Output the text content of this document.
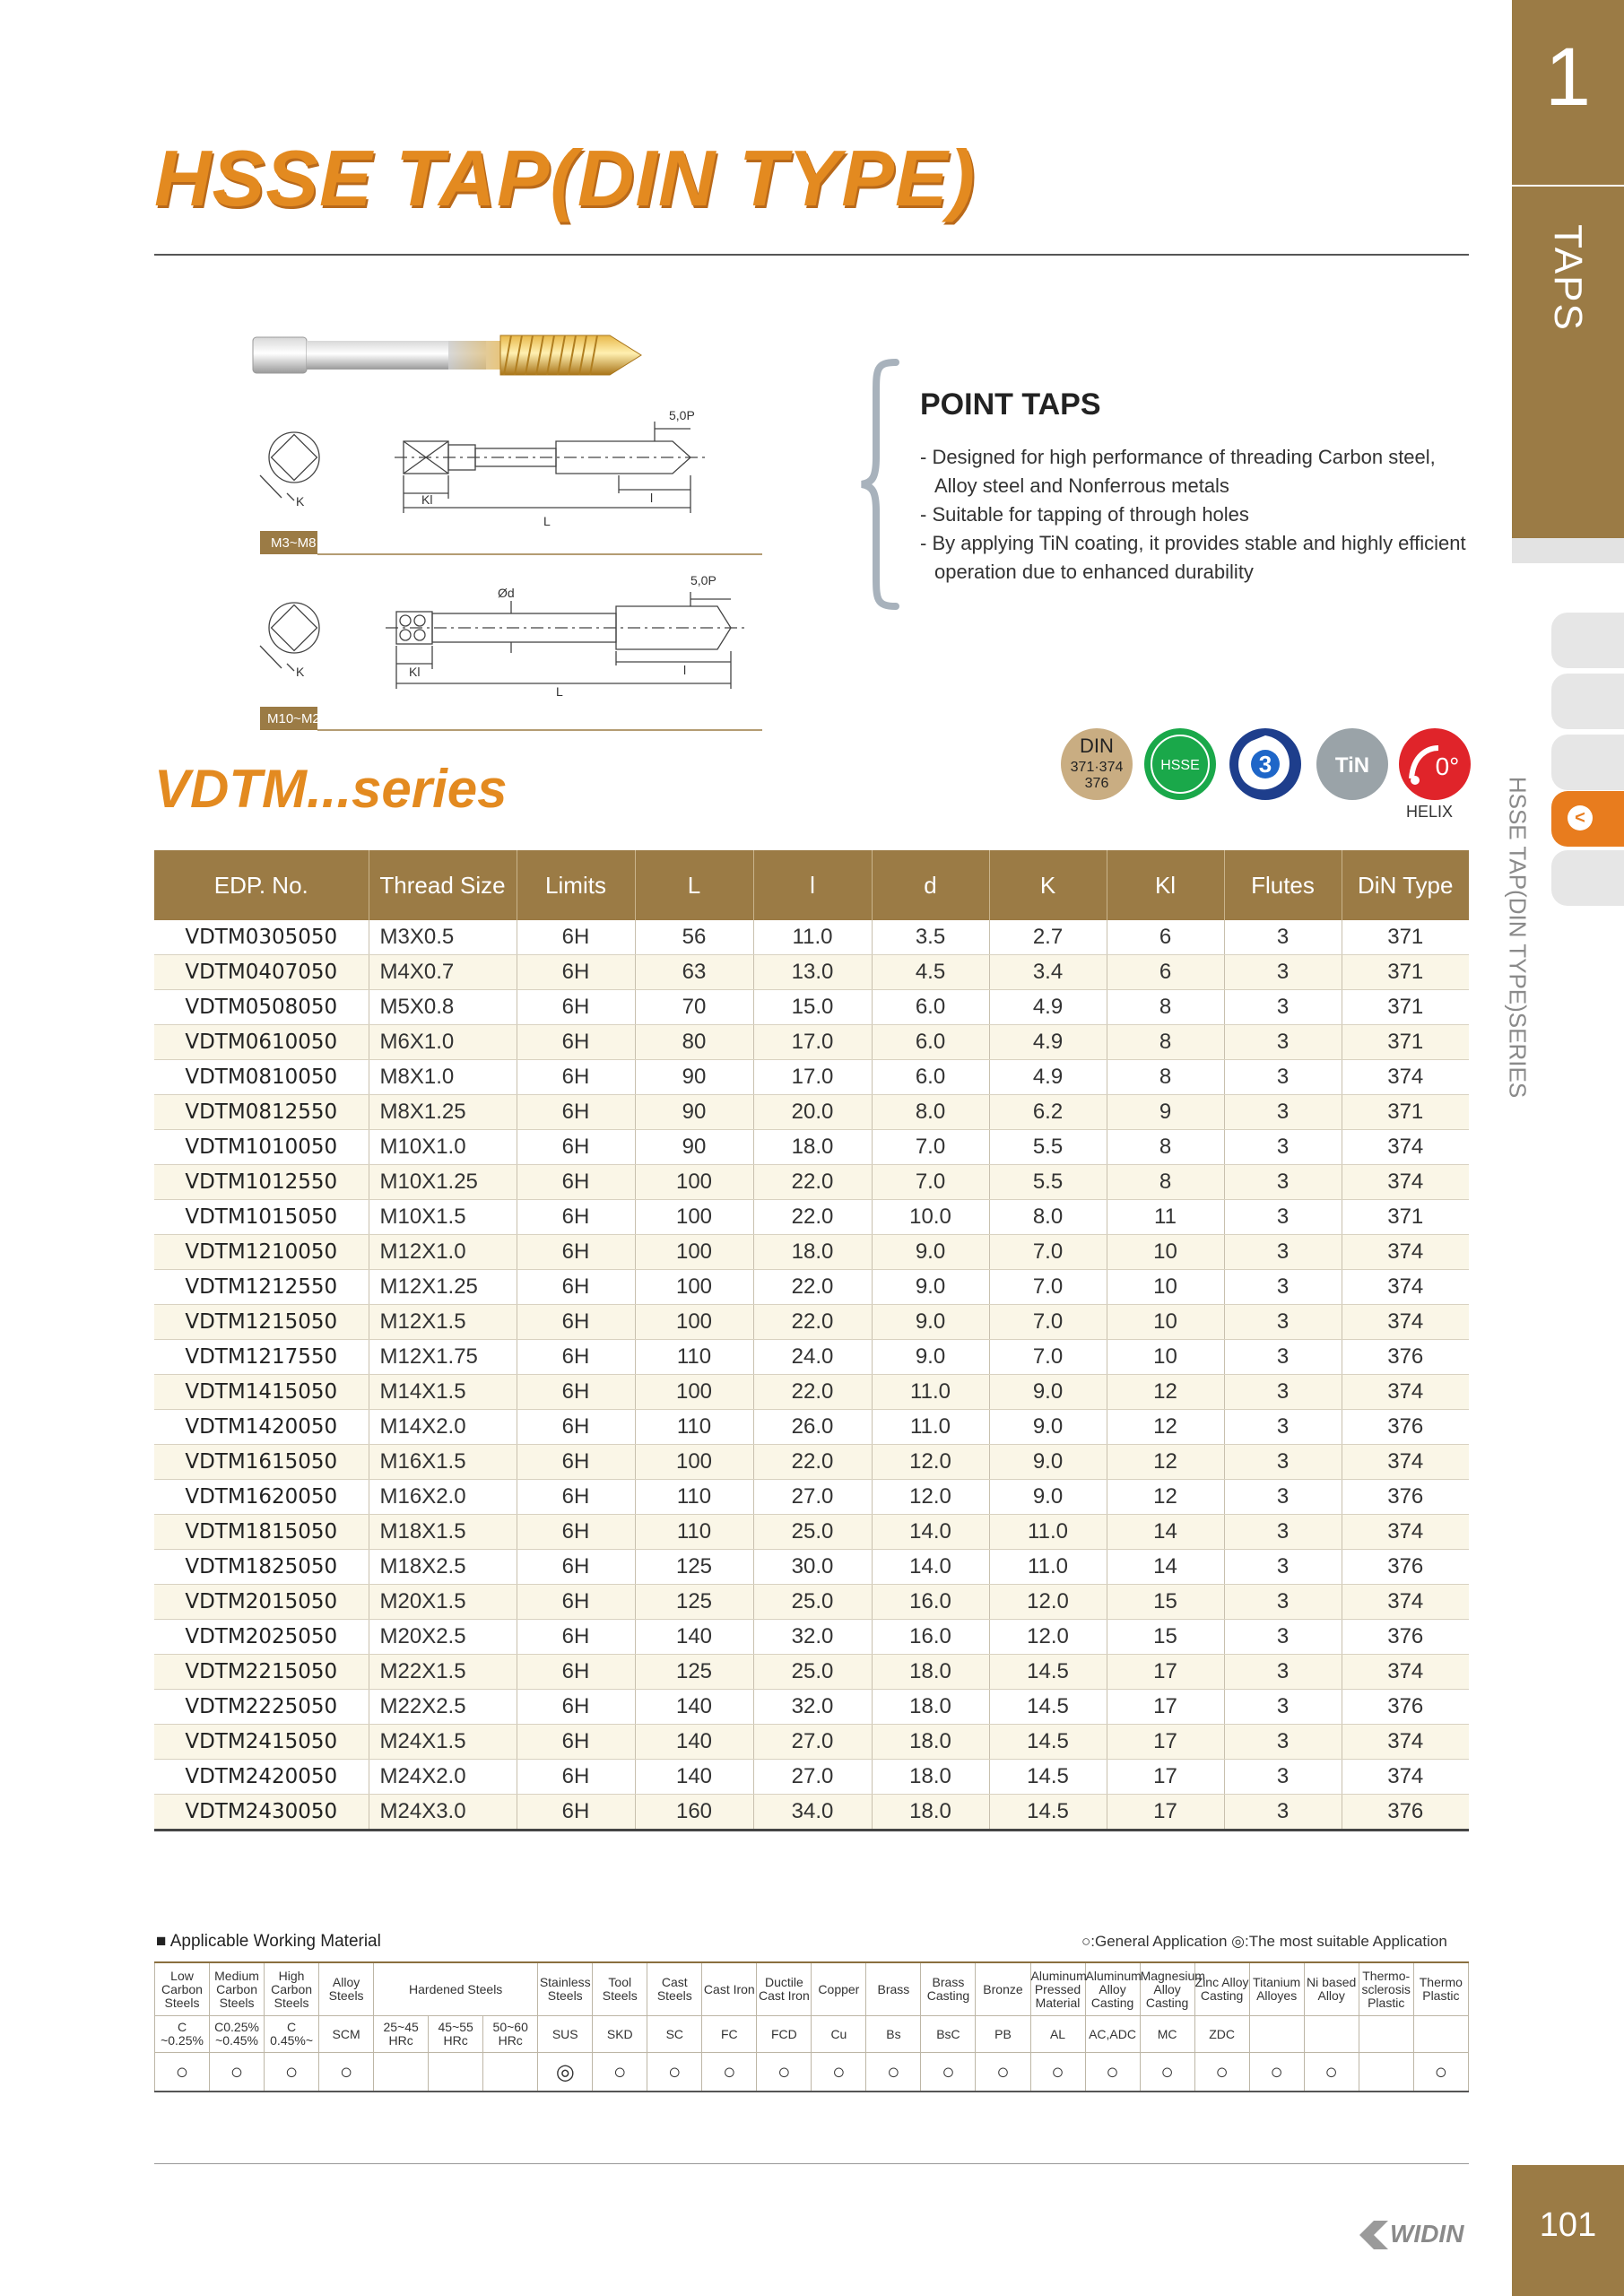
1
TAPS
<
HSSE TAP(DIN TYPE)SERIES
101
HSSE TAP(DIN TYPE)
K	Kl
L
l
5,0P
M3~M8
K	Kl
L
l
Ød
5,0P
M10~M24
POINT TAPS
- Designed for high performance of threading Carbon steel, Alloy steel and Nonferrous metals
- Suitable for tapping of through holes
- By applying TiN coating, it provides stable and highly efficient operation due to enhanced durability
DIN
371·374
376
HSSE	3	TiN	0°
HELIX
VDTM...series
EDP. No.	Thread Size	Limits	L	l	d	K	Kl	Flutes	DiN Type
VDTM0305050	M3X0.5	6H	56	11.0	3.5	2.7	6	3	371
VDTM0407050	M4X0.7	6H	63	13.0	4.5	3.4	6	3	371
VDTM0508050	M5X0.8	6H	70	15.0	6.0	4.9	8	3	371
VDTM0610050	M6X1.0	6H	80	17.0	6.0	4.9	8	3	371
VDTM0810050	M8X1.0	6H	90	17.0	6.0	4.9	8	3	374
VDTM0812550	M8X1.25	6H	90	20.0	8.0	6.2	9	3	371
VDTM1010050	M10X1.0	6H	90	18.0	7.0	5.5	8	3	374
VDTM1012550	M10X1.25	6H	100	22.0	7.0	5.5	8	3	374
VDTM1015050	M10X1.5	6H	100	22.0	10.0	8.0	11	3	371
VDTM1210050	M12X1.0	6H	100	18.0	9.0	7.0	10	3	374
VDTM1212550	M12X1.25	6H	100	22.0	9.0	7.0	10	3	374
VDTM1215050	M12X1.5	6H	100	22.0	9.0	7.0	10	3	374
VDTM1217550	M12X1.75	6H	110	24.0	9.0	7.0	10	3	376
VDTM1415050	M14X1.5	6H	100	22.0	11.0	9.0	12	3	374
VDTM1420050	M14X2.0	6H	110	26.0	11.0	9.0	12	3	376
VDTM1615050	M16X1.5	6H	100	22.0	12.0	9.0	12	3	374
VDTM1620050	M16X2.0	6H	110	27.0	12.0	9.0	12	3	376
VDTM1815050	M18X1.5	6H	110	25.0	14.0	11.0	14	3	374
VDTM1825050	M18X2.5	6H	125	30.0	14.0	11.0	14	3	376
VDTM2015050	M20X1.5	6H	125	25.0	16.0	12.0	15	3	374
VDTM2025050	M20X2.5	6H	140	32.0	16.0	12.0	15	3	376
VDTM2215050	M22X1.5	6H	125	25.0	18.0	14.5	17	3	374
VDTM2225050	M22X2.5	6H	140	32.0	18.0	14.5	17	3	376
VDTM2415050	M24X1.5	6H	140	27.0	18.0	14.5	17	3	374
VDTM2420050	M24X2.0	6H	140	27.0	18.0	14.5	17	3	374
VDTM2430050	M24X3.0	6H	160	34.0	18.0	14.5	17	3	376
■ Applicable Working Material	○:General Application ◎:The most suitable Application
Low Carbon Steels	Medium Carbon Steels	High Carbon Steels	Alloy Steels	Hardened Steels			Stainless Steels	Tool Steels	Cast Steels	Cast Iron	Ductile Cast Iron	Copper	Brass	Brass Casting	Bronze	Aluminum Pressed Material	Aluminum Alloy Casting	Magnesium Alloy Casting	Zinc Alloy Casting	Titanium Alloyes	Ni based Alloy	Thermo-sclerosis Plastic	Thermo Plastic
C ~0.25%	C0.25% ~0.45%	C 0.45%~	SCM	25~45 HRc	45~55 HRc	50~60 HRc	SUS	SKD	SC	FC	FCD	Cu	Bs	BsC	PB	AL	AC,ADC	MC	ZDC				
○	○	○	○				◎	○	○	○	○	○	○	○	○	○	○	○	○	○	○		○
WIDIN
